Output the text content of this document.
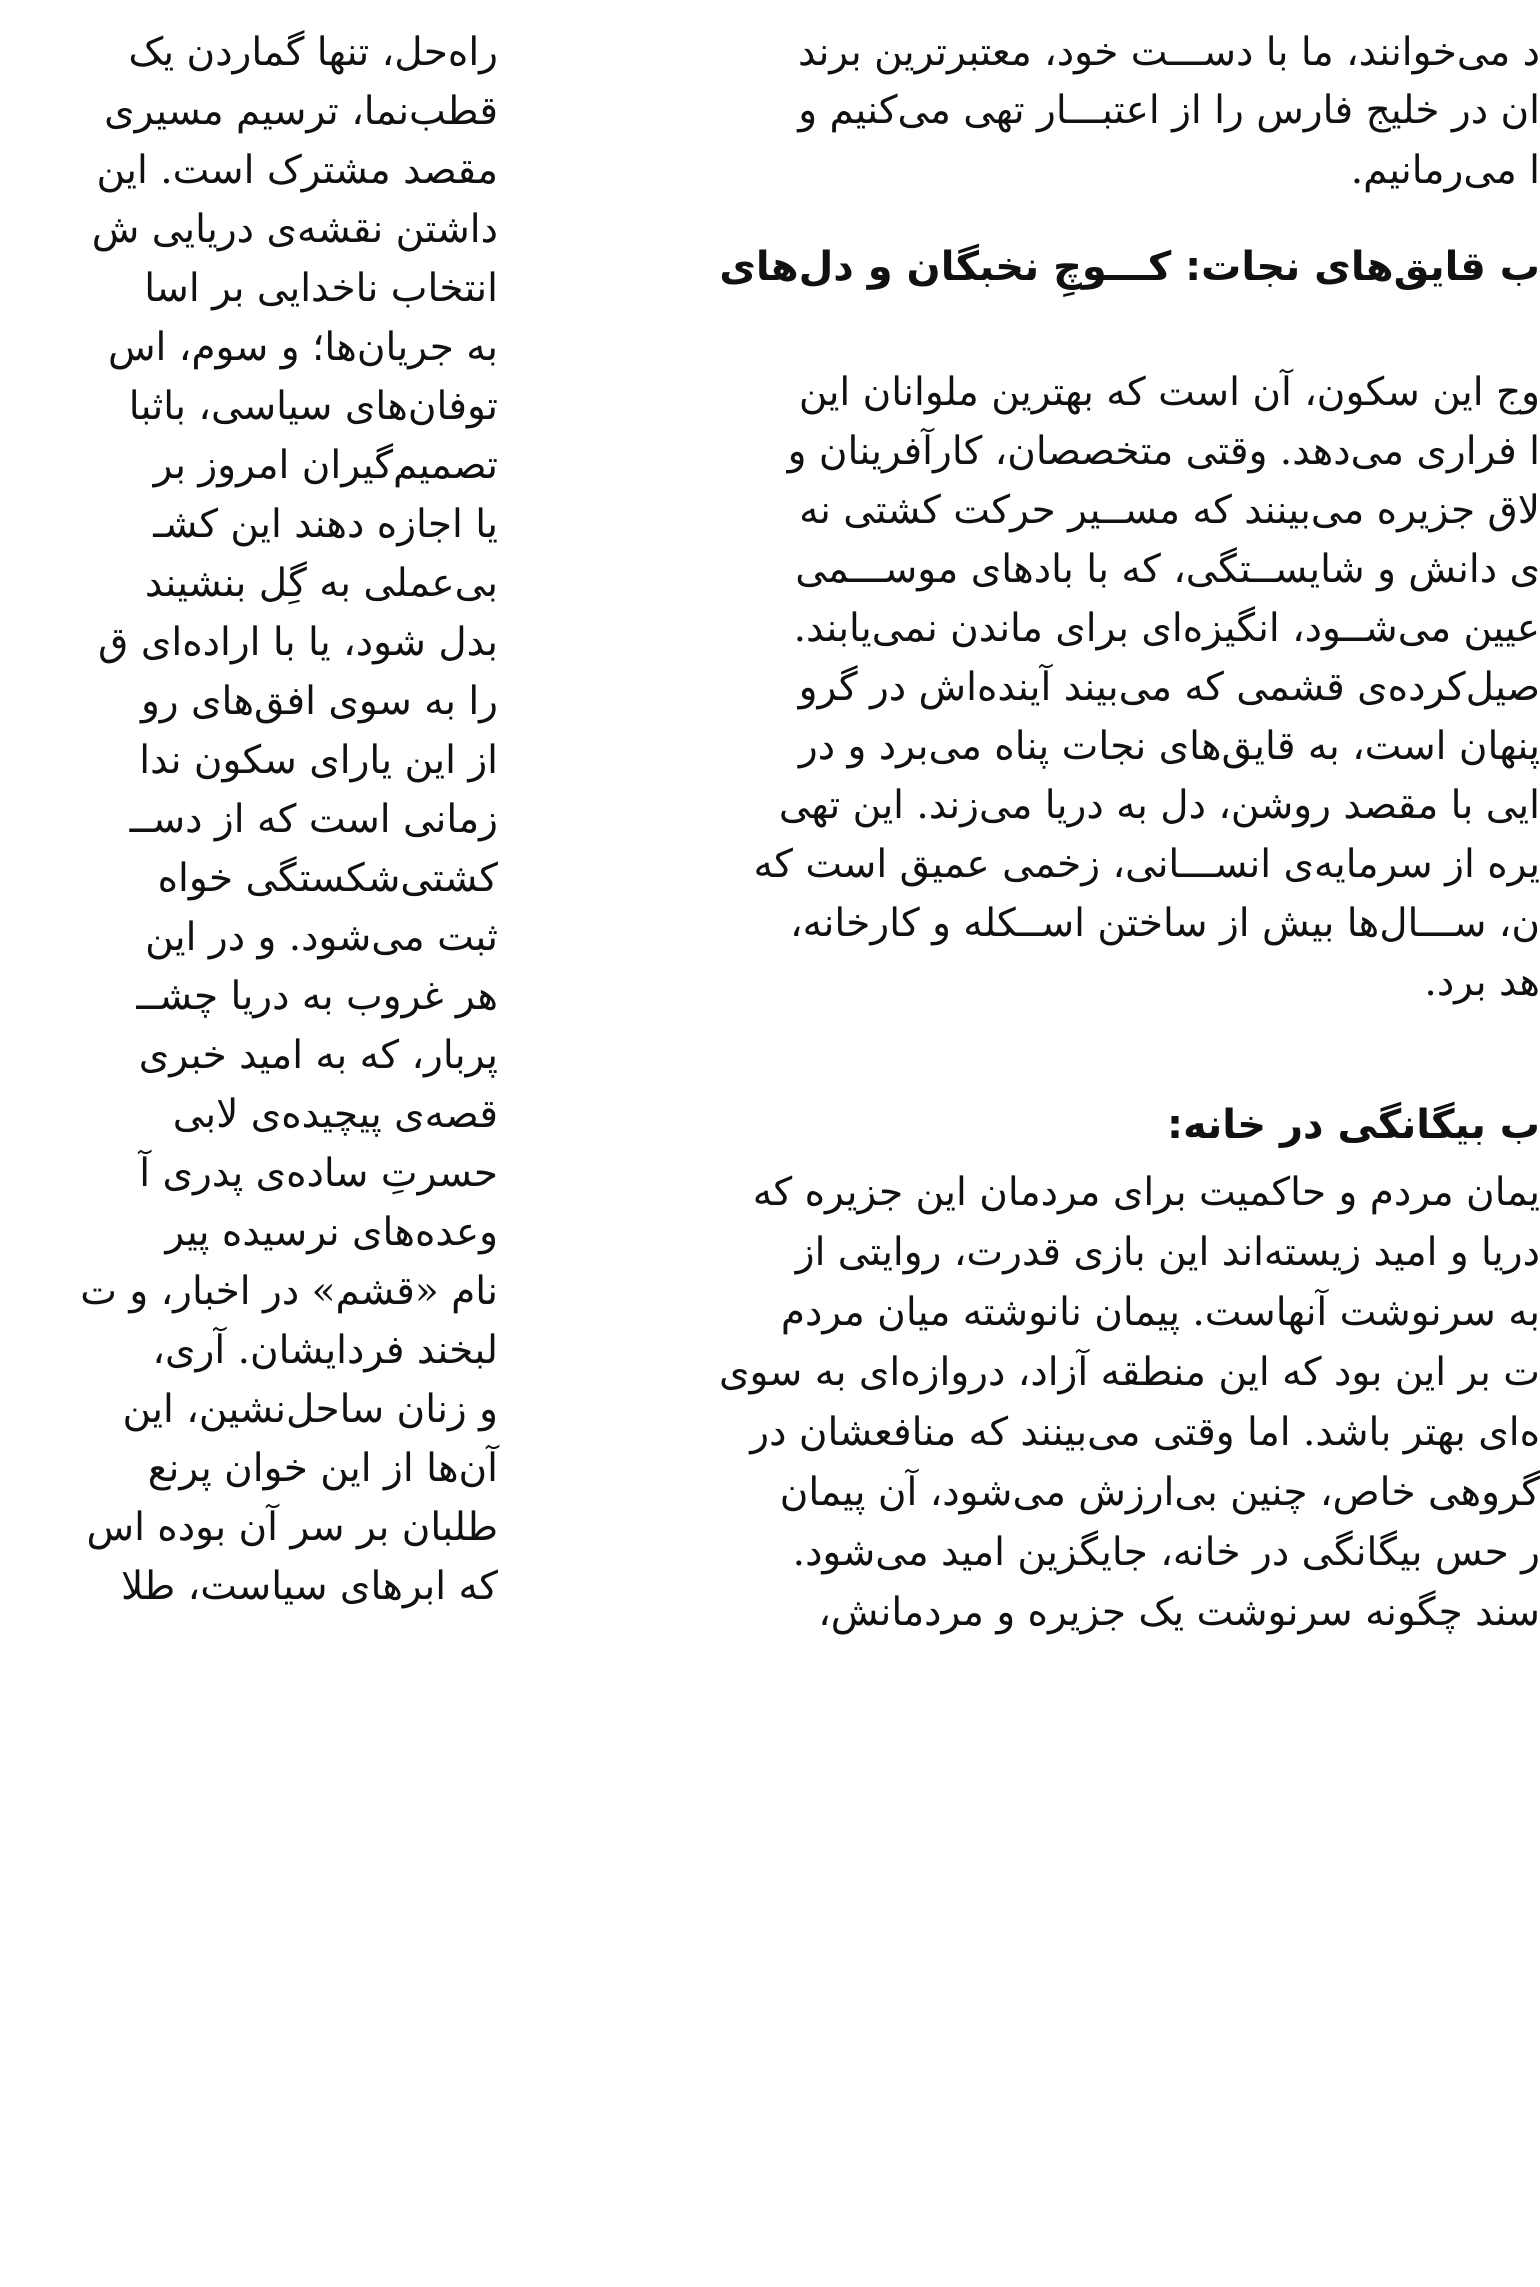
د می‌خوانند، ما با دســـت خود، معتبرترین برند
ان در خلیج فارس را از اعتبـــار تهی می‌کنیم و
ا می‌رمانیم.
ب قایق‌های نجات: کـــوچِ نخبگان و دل‌های
وج این سکون، آن است که بهترین ملوانان این
ا فراری می‌دهد. وقتی متخصصان، کارآفرینان و
لاق جزیره می‌بینند که مســیر حرکت کشتی نه
ی دانش و شایســتگی، که با بادهای موســـمی
عیین می‌شــود، انگیزه‌ای برای ماندن نمی‌یابند.
صیل‌کرده‌ی قشمی که می‌بیند آینده‌اش در گرو
پنهان است، به قایق‌های نجات پناه می‌برد و در
ایی با مقصد روشن، دل به دریا می‌زند. این تهی
یره از سرمایه‌ی انســـانی، زخمی عمیق است که
ن، ســـال‌ها بیش از ساختن اســکله و کارخانه،
هد برد.
ب بیگانگی در خانه:
یمان مردم و حاکمیت برای مردمان این جزیره که
دریا و امید زیسته‌اند این بازی قدرت، روایتی از
به سرنوشت آنهاست. پیمان نانوشته میان مردم
ت بر این بود که این منطقه آزاد، دروازه‌ای به سوی
ه‌ای بهتر باشد. اما وقتی می‌بینند که منافعشان در
گروهی خاص، چنین بی‌ارزش می‌شود، آن پیمان
ر حس بیگانگی در خانه، جایگزین امید می‌شود.
سند چگونه سرنوشت یک جزیره و مردمانش،
راه‌حل، تنها گماردن یک
قطب‌نما، ترسیم مسیری
مقصد مشترک است. این
داشتن نقشه‌ی دریایی ش
انتخاب ناخدایی بر اسا
به جریان‌ها؛ و سوم، اس
توفان‌های سیاسی، باثبا
تصمیم‌گیران امروز بر
یا اجازه دهند این کشـ
بی‌عملی به گِل بنشیند
بدل شود، یا با اراده‌ای ق
را به سوی افق‌های رو
از این یارای سکون ندا
زمانی است که از دســ
کشتی‌شکستگی خواه
ثبت می‌شود. و در این
هر غروب به دریا چشــ
پربار، که به امید خبری
قصه‌ی پیچیده‌ی لابی
حسرتِ ساده‌ی پدری آ
وعده‌های نرسیده پیر
نام «قشم» در اخبار، و ت
لبخند فردایشان. آری،
و زنان ساحل‌نشین، این
آن‌ها از این خوان پرنع
طلبان بر سر آن بوده اس
که ابرهای سیاست، طلا
